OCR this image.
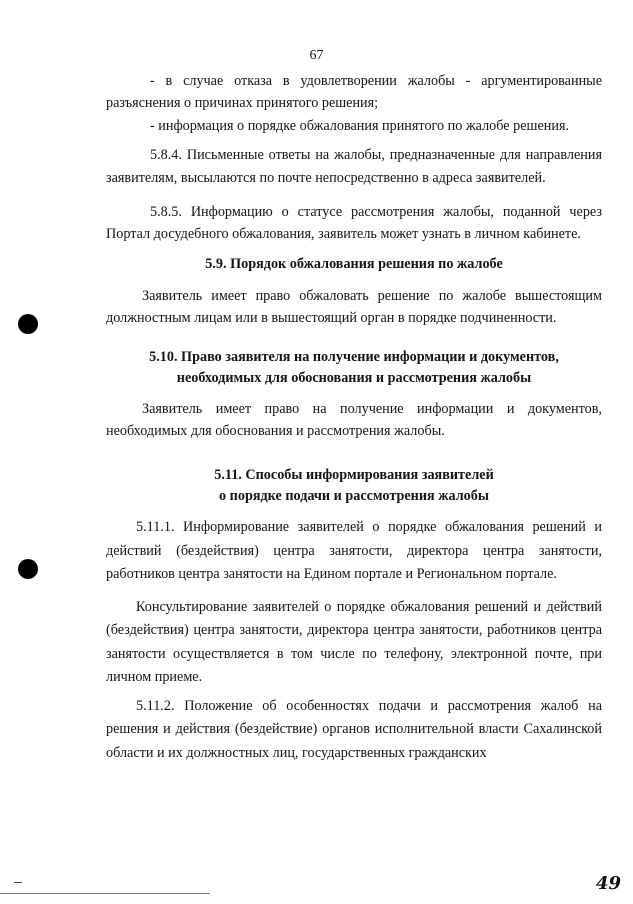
67

- в случае отказа в удовлетворении жалобы - аргументированные разъяснения о причинах принятого решения;

- информация о порядке обжалования принятого по жалобе решения.

5.8.4. Письменные ответы на жалобы, предназначенные для направления заявителям, высылаются по почте непосредственно в адреса заявителей.

5.8.5. Информацию о статусе рассмотрения жалобы, поданной через Портал досудебного обжалования, заявитель может узнать в личном кабинете.

5.9. Порядок обжалования решения по жалобе

Заявитель имеет право обжаловать решение по жалобе вышестоящим должностным лицам или в вышестоящий орган в порядке подчиненности.

5.10. Право заявителя на получение информации и документов,
необходимых для обоснования и рассмотрения жалобы

Заявитель имеет право на получение информации и документов, необходимых для обоснования и рассмотрения жалобы.

5.11. Способы информирования заявителей
о порядке подачи и рассмотрения жалобы

5.11.1. Информирование заявителей о порядке обжалования решений и действий (бездействия) центра занятости, директора центра занятости, работников центра занятости на Едином портале и Региональном портале.

Консультирование заявителей о порядке обжалования решений и действий (бездействия) центра занятости, директора центра занятости, работников центра занятости осуществляется в том числе по телефону, электронной почте, при личном приеме.

5.11.2. Положение об особенностях подачи и рассмотрения жалоб на решения и действия (бездействие) органов исполнительной власти Сахалинской области и их должностных лиц, государственных гражданских

49
